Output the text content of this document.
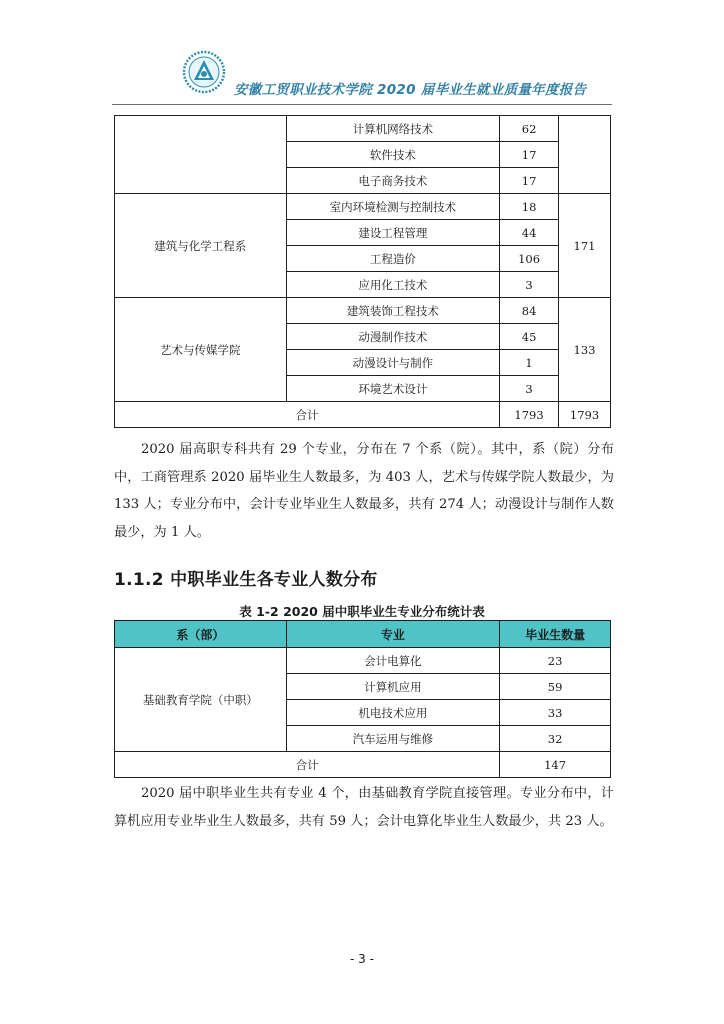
安徽工贸职业技术学院 2020 届毕业生就业质量年度报告
	计算机网络技术	62	
	软件技术	17	
	电子商务技术	17	
建筑与化学工程系	室内环境检测与控制技术	18	171
	建设工程管理	44	
	工程造价	106	
	应用化工技术	3	
艺术与传媒学院	建筑装饰工程技术	84	133
	动漫制作技术	45	
	动漫设计与制作	1	
	环境艺术设计	3	
合计		1793	1793

2020 届高职专科共有 29 个专业，分布在 7 个系（院）。其中，系（院）分布中，工商管理系 2020 届毕业生人数最多，为 403 人，艺术与传媒学院人数最少，为 133 人；专业分布中，会计专业毕业生人数最多，共有 274 人；动漫设计与制作人数最少，为 1 人。

1.1.2 中职毕业生各专业人数分布
表 1-2 2020 届中职毕业生专业分布统计表
系（部）	专业	毕业生数量
基础教育学院（中职）	会计电算化	23
	计算机应用	59
	机电技术应用	33
	汽车运用与维修	32
合计		147

2020 届中职毕业生共有专业 4 个，由基础教育学院直接管理。专业分布中，计算机应用专业毕业生人数最多，共有 59 人；会计电算化毕业生人数最少，共 23 人。

- 3 -
